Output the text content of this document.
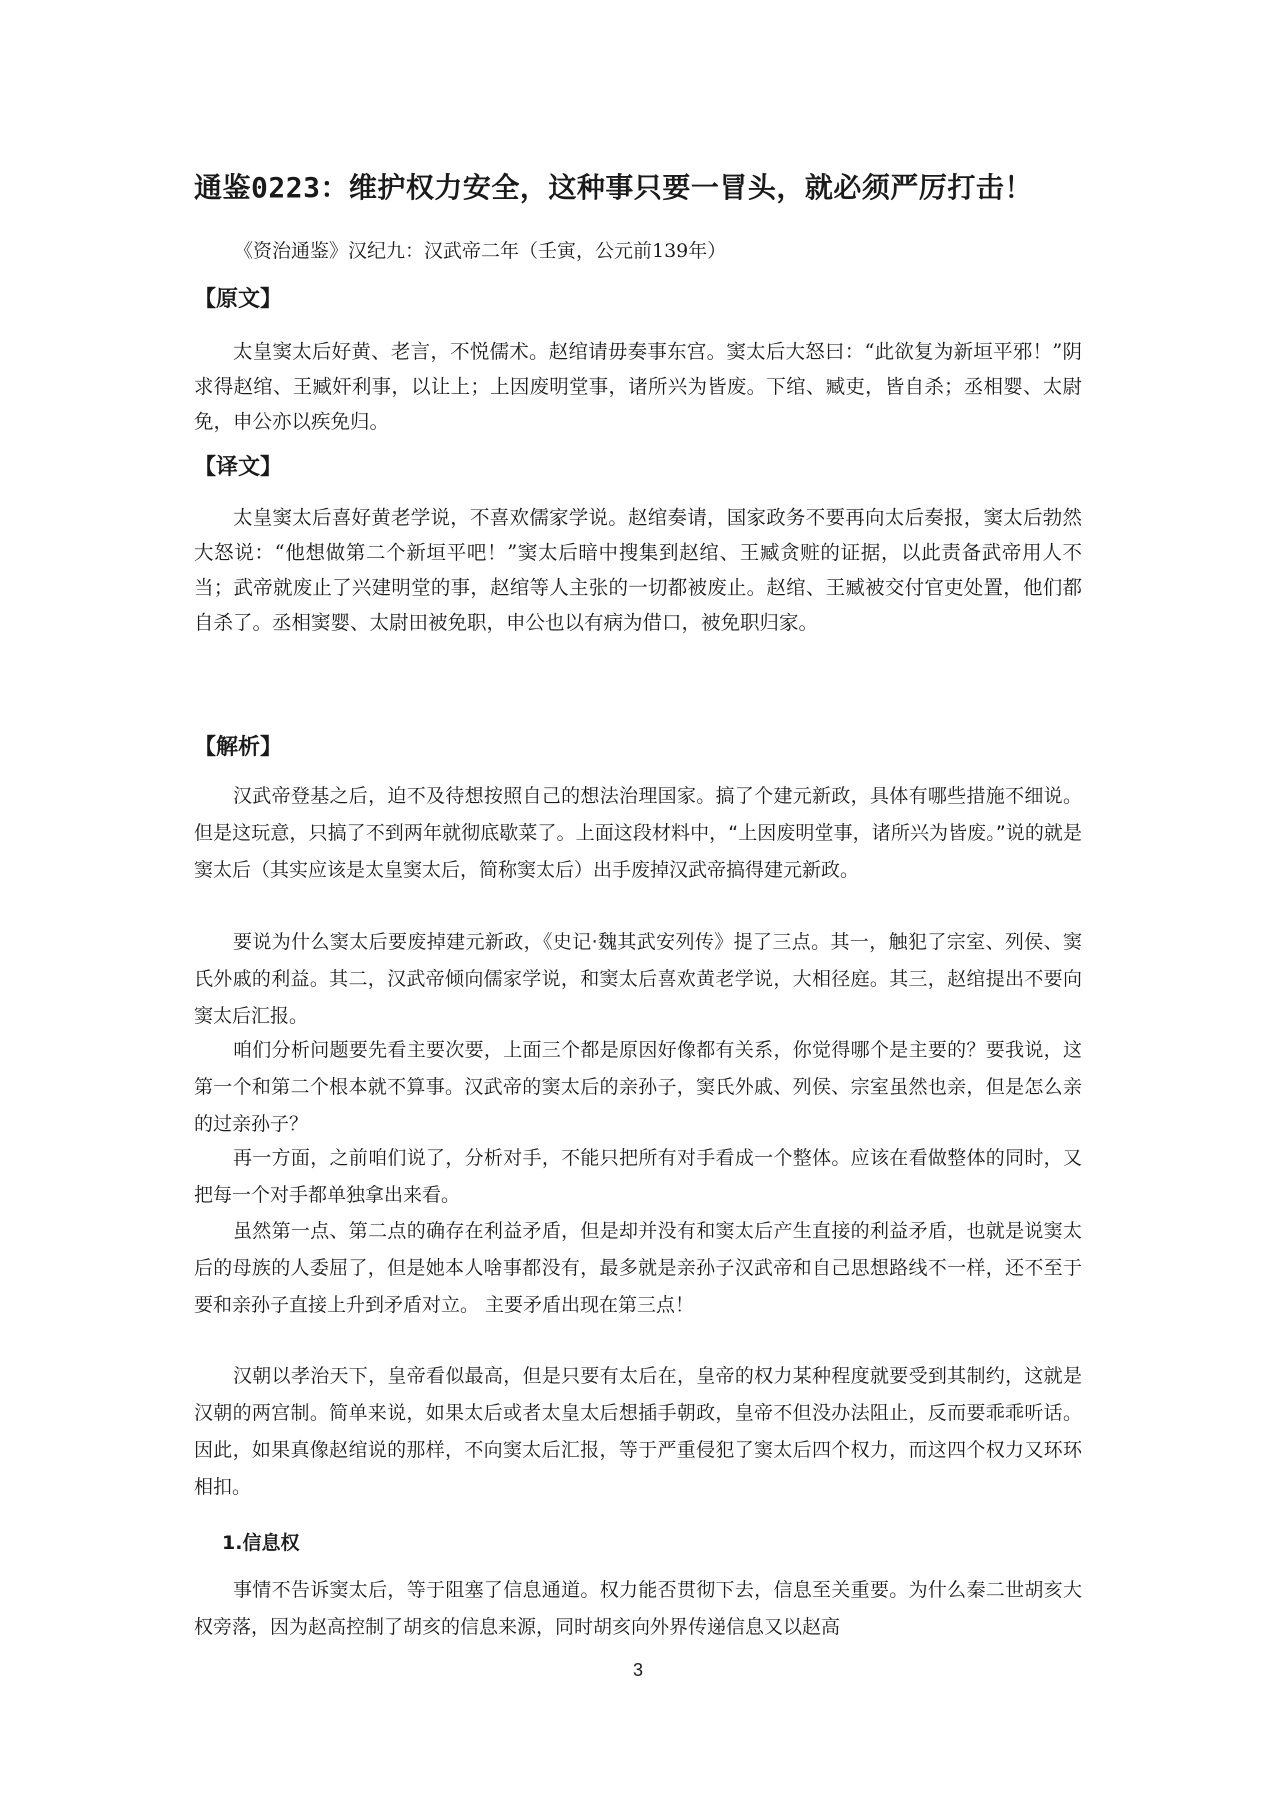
通鉴0223：维护权力安全，这种事只要一冒头，就必须严厉打击！
《资治通鉴》汉纪九：汉武帝二年（壬寅，公元前139年）
【原文】

太皇窦太后好黄、老言，不悦儒术。赵绾请毋奏事东宫。窦太后大怒曰：“此欲复为新垣平邪！”阴求得赵绾、王臧奸利事，以让上；上因废明堂事，诸所兴为皆废。下绾、臧吏，皆自杀；丞相婴、太尉免，申公亦以疾免归。

【译文】

太皇窦太后喜好黄老学说，不喜欢儒家学说。赵绾奏请，国家政务不要再向太后奏报，窦太后勃然大怒说：“他想做第二个新垣平吧！”窦太后暗中搜集到赵绾、王臧贪赃的证据，以此责备武帝用人不当；武帝就废止了兴建明堂的事，赵绾等人主张的一切都被废止。赵绾、王臧被交付官吏处置，他们都自杀了。丞相窦婴、太尉田被免职，申公也以有病为借口，被免职归家。

【解析】

汉武帝登基之后，迫不及待想按照自己的想法治理国家。搞了个建元新政，具体有哪些措施不细说。但是这玩意，只搞了不到两年就彻底歇菜了。上面这段材料中，“上因废明堂事，诸所兴为皆废。”说的就是窦太后（其实应该是太皇窦太后，简称窦太后）出手废掉汉武帝搞得建元新政。

要说为什么窦太后要废掉建元新政，《史记·魏其武安列传》提了三点。其一，触犯了宗室、列侯、窦氏外戚的利益。其二，汉武帝倾向儒家学说，和窦太后喜欢黄老学说，大相径庭。其三，赵绾提出不要向窦太后汇报。

咱们分析问题要先看主要次要，上面三个都是原因好像都有关系，你觉得哪个是主要的？要我说，这第一个和第二个根本就不算事。汉武帝的窦太后的亲孙子，窦氏外戚、列侯、宗室虽然也亲，但是怎么亲的过亲孙子？

再一方面，之前咱们说了，分析对手，不能只把所有对手看成一个整体。应该在看做整体的同时，又把每一个对手都单独拿出来看。

虽然第一点、第二点的确存在利益矛盾，但是却并没有和窦太后产生直接的利益矛盾，也就是说窦太后的母族的人委屈了，但是她本人啥事都没有，最多就是亲孙子汉武帝和自己思想路线不一样，还不至于要和亲孙子直接上升到矛盾对立。 主要矛盾出现在第三点！

汉朝以孝治天下，皇帝看似最高，但是只要有太后在，皇帝的权力某种程度就要受到其制约，这就是汉朝的两宫制。简单来说，如果太后或者太皇太后想插手朝政，皇帝不但没办法阻止，反而要乖乖听话。因此，如果真像赵绾说的那样，不向窦太后汇报，等于严重侵犯了窦太后四个权力，而这四个权力又环环相扣。

1.信息权

事情不告诉窦太后，等于阻塞了信息通道。权力能否贯彻下去，信息至关重要。为什么秦二世胡亥大权旁落，因为赵高控制了胡亥的信息来源，同时胡亥向外界传递信息又以赵高

3
